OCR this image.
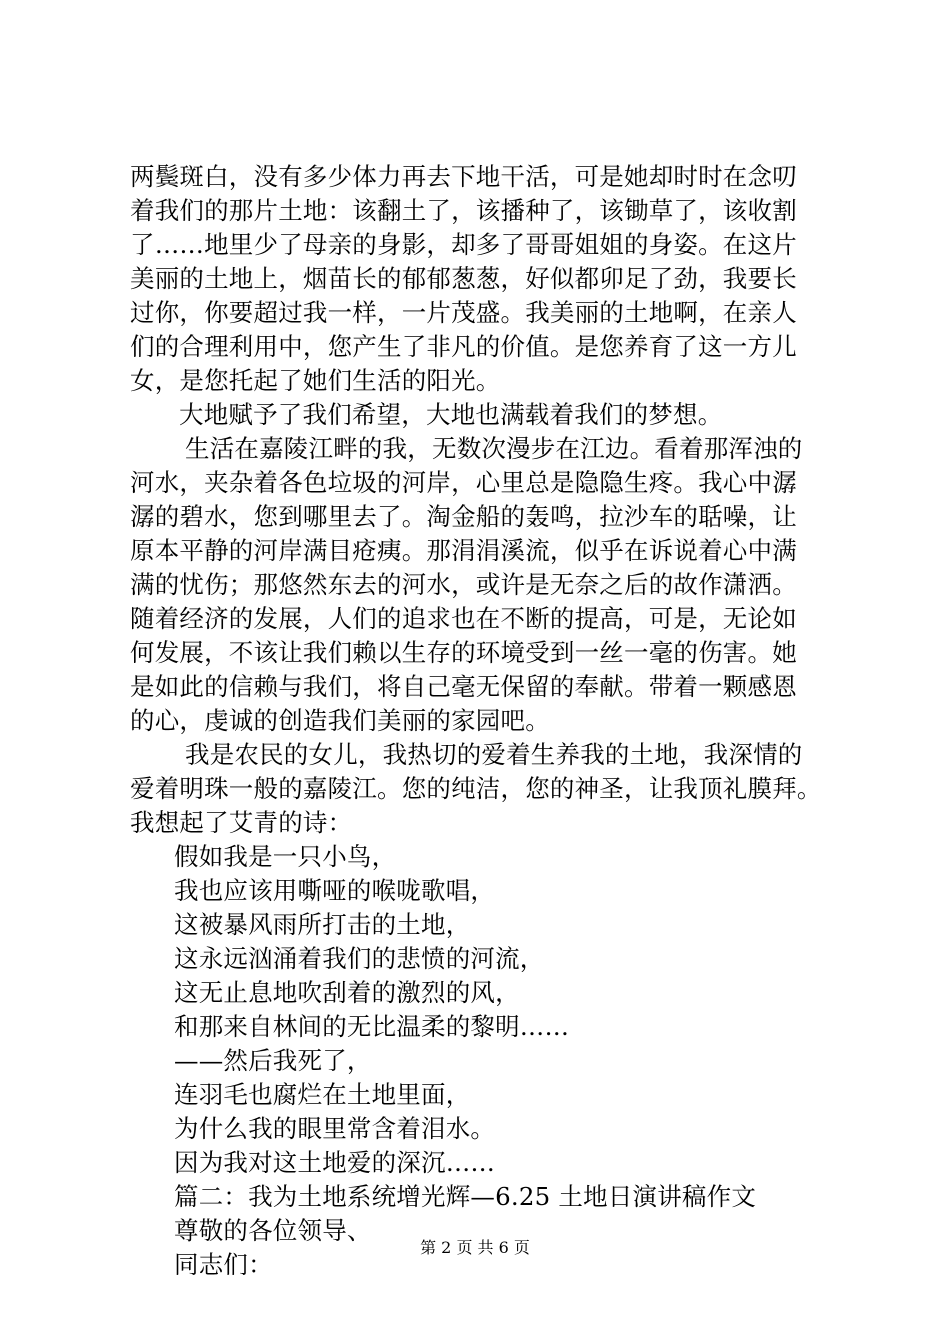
两鬓斑白，没有多少体力再去下地干活，可是她却时时在念叨
着我们的那片土地：该翻土了，该播种了，该锄草了，该收割
了……地里少了母亲的身影，却多了哥哥姐姐的身姿。在这片
美丽的土地上，烟苗长的郁郁葱葱，好似都卯足了劲，我要长
过你，你要超过我一样，一片茂盛。我美丽的土地啊，在亲人
们的合理利用中，您产生了非凡的价值。是您养育了这一方儿
女，是您托起了她们生活的阳光。
大地赋予了我们希望，大地也满载着我们的梦想。
生活在嘉陵江畔的我，无数次漫步在江边。看着那浑浊的
河水，夹杂着各色垃圾的河岸，心里总是隐隐生疼。我心中潺
潺的碧水，您到哪里去了。淘金船的轰鸣，拉沙车的聒噪，让
原本平静的河岸满目疮痍。那涓涓溪流，似乎在诉说着心中满
满的忧伤；那悠然东去的河水，或许是无奈之后的故作潇洒。
随着经济的发展，人们的追求也在不断的提高，可是，无论如
何发展，不该让我们赖以生存的环境受到一丝一毫的伤害。她
是如此的信赖与我们，将自己毫无保留的奉献。带着一颗感恩
的心，虔诚的创造我们美丽的家园吧。
我是农民的女儿，我热切的爱着生养我的土地，我深情的
爱着明珠一般的嘉陵江。您的纯洁，您的神圣，让我顶礼膜拜。
我想起了艾青的诗：
假如我是一只小鸟，
我也应该用嘶哑的喉咙歌唱，
这被暴风雨所打击的土地，
这永远汹涌着我们的悲愤的河流，
这无止息地吹刮着的激烈的风，
和那来自林间的无比温柔的黎明……
——然后我死了，
连羽毛也腐烂在土地里面，
为什么我的眼里常含着泪水。
因为我对这土地爱的深沉……
篇二：我为土地系统增光辉—6.25 土地日演讲稿作文
尊敬的各位领导、
同志们：
第 2 页 共 6 页
